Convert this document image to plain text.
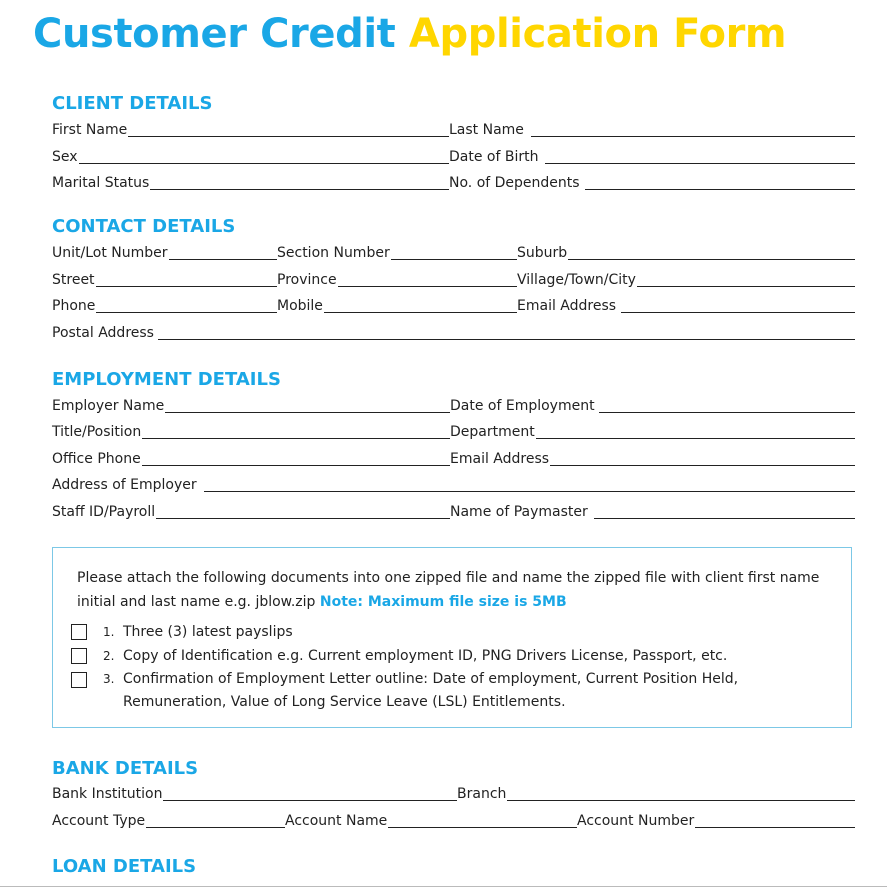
Customer Credit Application Form
CLIENT DETAILS
First Name	Last Name
Sex	Date of Birth
Marital Status	No. of Dependents
CONTACT DETAILS
Unit/Lot Number	Section Number	Suburb
Street	Province	Village/Town/City
Phone	Mobile	Email Address
Postal Address
EMPLOYMENT DETAILS
Employer Name	Date of Employment
Title/Position	Department
Office Phone	Email Address
Address of Employer
Staff ID/Payroll	Name of Paymaster
Please attach the following documents into one zipped file and name the zipped file with client first name initial and last name e.g. jblow.zip Note: Maximum file size is 5MB
1. Three (3) latest payslips
2. Copy of Identification e.g. Current employment ID, PNG Drivers License, Passport, etc.
3. Confirmation of Employment Letter outline: Date of employment, Current Position Held, Remuneration, Value of Long Service Leave (LSL) Entitlements.
BANK DETAILS
Bank Institution	Branch
Account Type	Account Name	Account Number
LOAN DETAILS
